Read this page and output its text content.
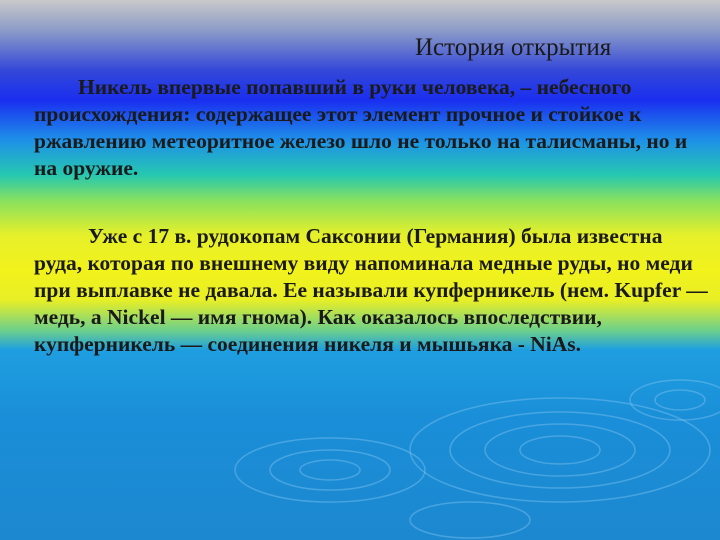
История открытия

Никель впервые попавший в руки человека, – небесного происхождения: содержащее этот элемент прочное и стойкое к ржавлению метеоритное железо шло не только на талисманы, но и на оружие.

Уже с 17 в. рудокопам Саксонии (Германия) была известна руда, которая по внешнему виду напоминала медные руды, но меди при выплавке не давала. Ее называли купферникель (нем. Kupfer — медь, а Nickel — имя гнома). Как оказалось впоследствии, купферникель — соединения никеля и мышьяка - NiAs.
